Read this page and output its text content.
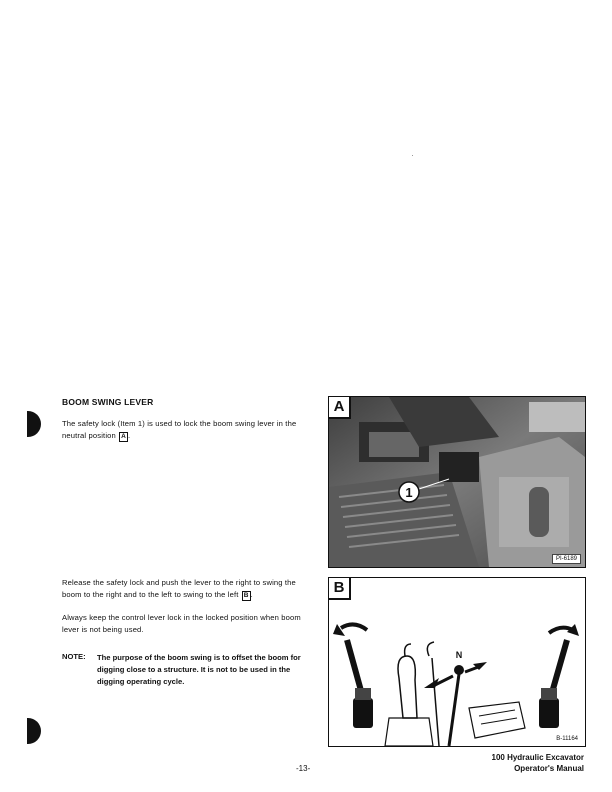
BOOM SWING LEVER
The safety lock (Item 1) is used to lock the boom swing lever in the neutral position A .
Release the safety lock and push the lever to the right to swing the boom to the right and to the left to swing to the left B .
Always keep the control lever lock in the locked position when boom lever is not being used.
NOTE: The purpose of the boom swing is to offset the boom for digging close to a structure. It is not to be used in the digging operating cycle.
1
A
PI-6189
N
B
B-11164
-13-
100 Hydraulic Excavator
Operator's Manual
